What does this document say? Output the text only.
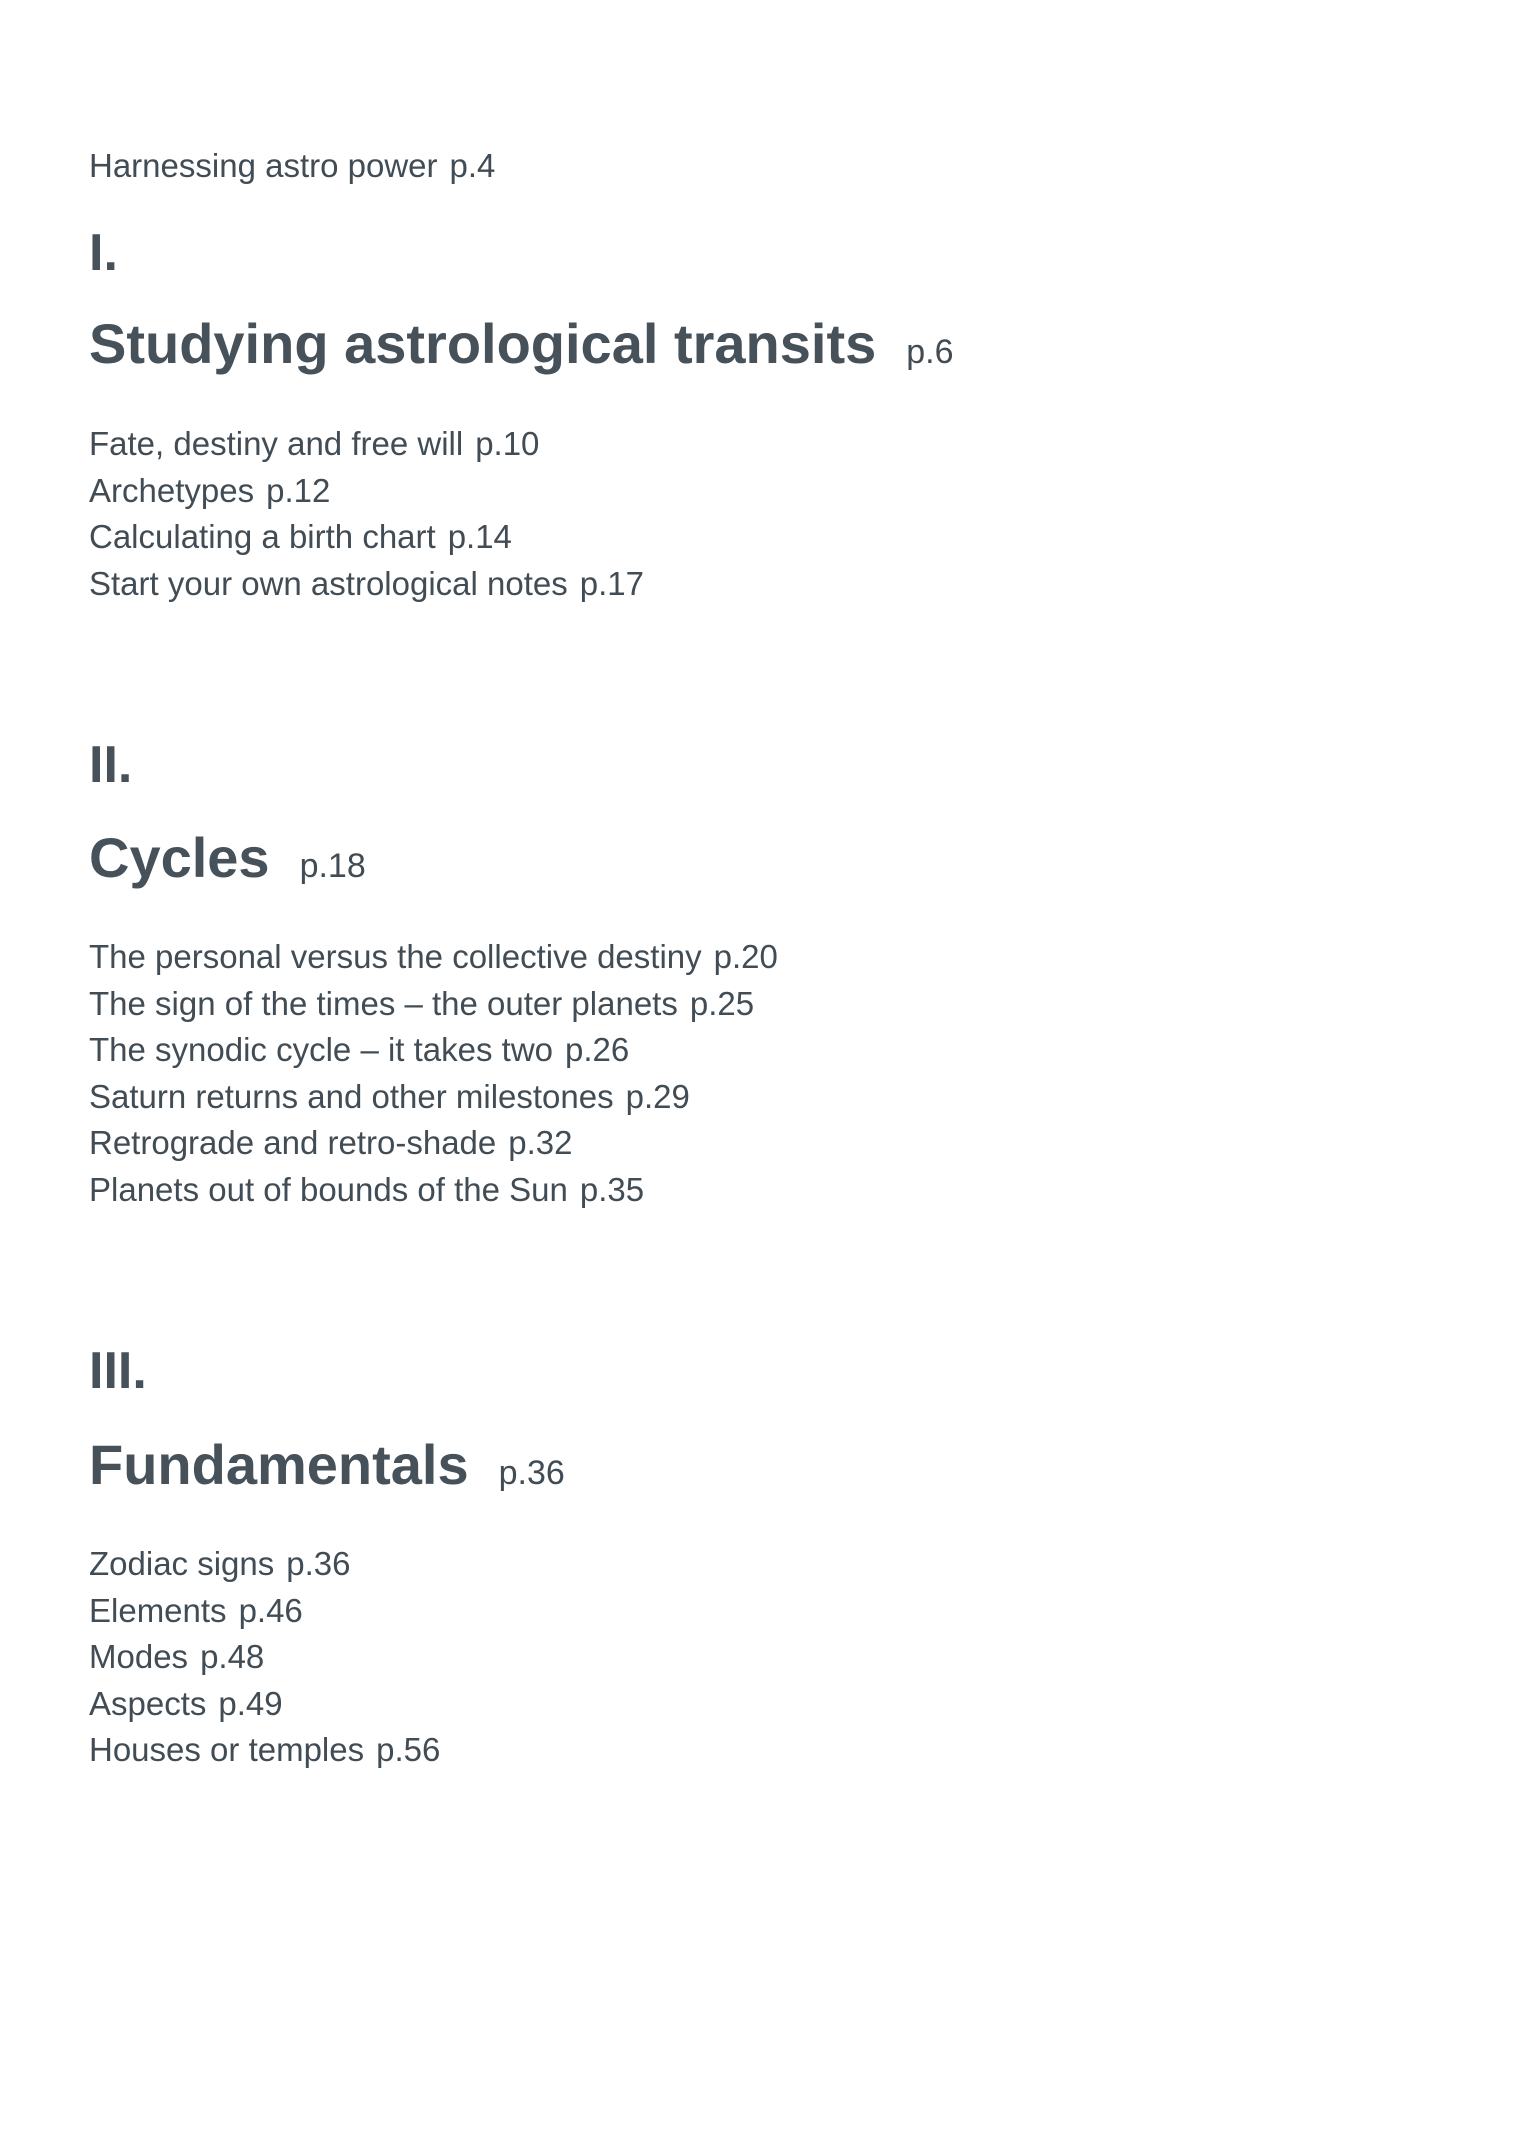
Harnessing astro power p.4
I.
Studying astrological transits p.6
Fate, destiny and free will p.10
Archetypes p.12
Calculating a birth chart p.14
Start your own astrological notes p.17
II.
Cycles p.18
The personal versus the collective destiny p.20
The sign of the times – the outer planets p.25
The synodic cycle – it takes two p.26
Saturn returns and other milestones p.29
Retrograde and retro-shade p.32
Planets out of bounds of the Sun p.35
III.
Fundamentals p.36
Zodiac signs p.36
Elements p.46
Modes p.48
Aspects p.49
Houses or temples p.56
